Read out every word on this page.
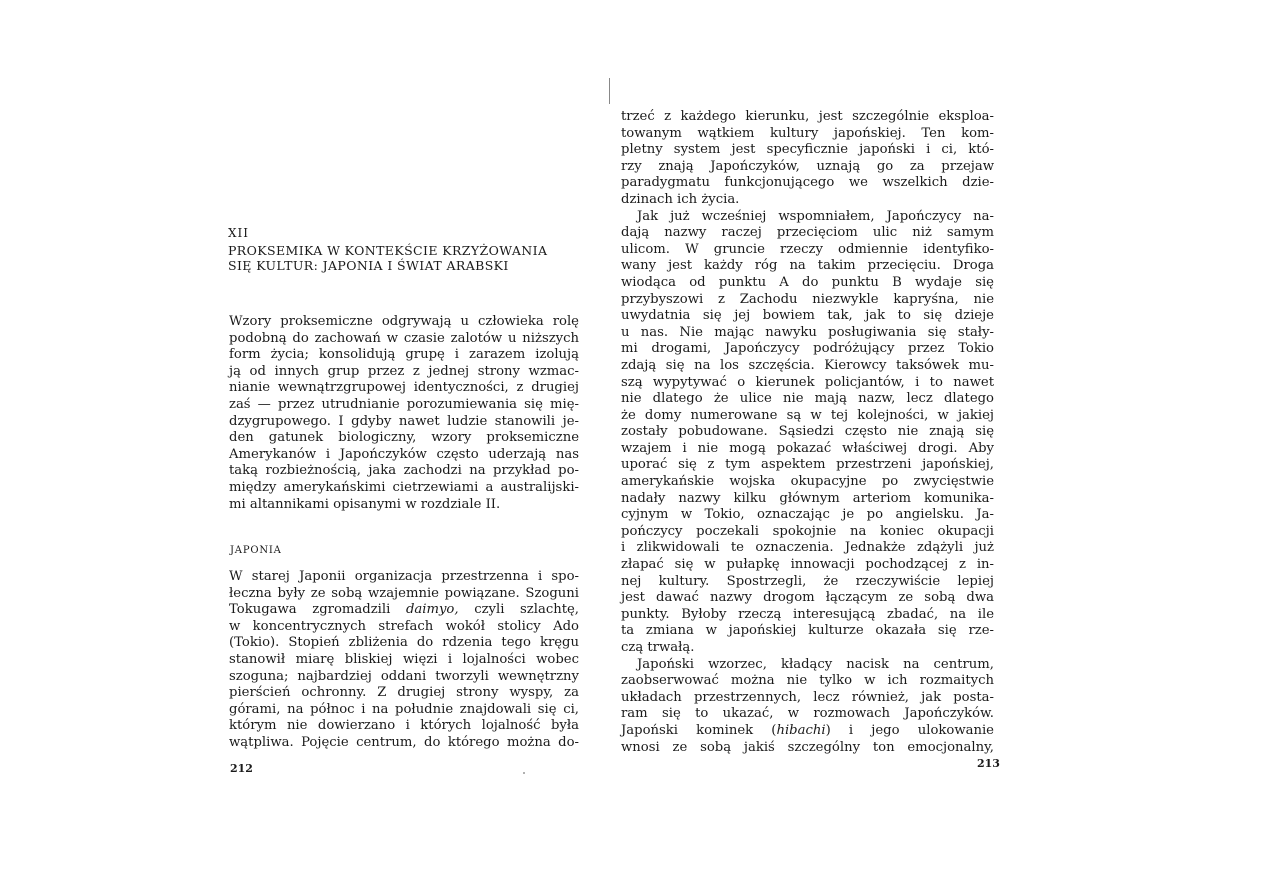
XII
PROKSEMIKA W KONTEKŚCIE KRZYŻOWANIA
SIĘ KULTUR: JAPONIA I ŚWIAT ARABSKI
Wzory proksemiczne odgrywają u człowieka rolę
podobną do zachowań w czasie zalotów u niższych
form życia; konsolidują grupę i zarazem izolują
ją od innych grup przez z jednej strony wzmac-
nianie wewnątrzgrupowej identyczności, z drugiej
zaś — przez utrudnianie porozumiewania się mię-
dzygrupowego. I gdyby nawet ludzie stanowili je-
den gatunek biologiczny, wzory proksemiczne
Amerykanów i Japończyków często uderzają nas
taką rozbieżnością, jaka zachodzi na przykład po-
między amerykańskimi cietrzewiami a australijski-
mi altannikami opisanymi w rozdziale II.
JAPONIA
W starej Japonii organizacja przestrzenna i spo-
łeczna były ze sobą wzajemnie powiązane. Szoguni
Tokugawa zgromadzili daimyo, czyli szlachtę,
w koncentrycznych strefach wokół stolicy Ado
(Tokio). Stopień zbliżenia do rdzenia tego kręgu
stanowił miarę bliskiej więzi i lojalności wobec
szoguna; najbardziej oddani tworzyli wewnętrzny
pierścień ochronny. Z drugiej strony wyspy, za
górami, na północ i na południe znajdowali się ci,
którym nie dowierzano i których lojalność była
wątpliwa. Pojęcie centrum, do którego można do-
212
trzeć z każdego kierunku, jest szczególnie eksploa-
towanym wątkiem kultury japońskiej. Ten kom-
pletny system jest specyficznie japoński i ci, któ-
rzy znają Japończyków, uznają go za przejaw
paradygmatu funkcjonującego we wszelkich dzie-
dzinach ich życia.
Jak już wcześniej wspomniałem, Japończycy na-
dają nazwy raczej przecięciom ulic niż samym
ulicom. W gruncie rzeczy odmiennie identyfiko-
wany jest każdy róg na takim przecięciu. Droga
wiodąca od punktu A do punktu B wydaje się
przybyszowi z Zachodu niezwykle kapryśna, nie
uwydatnia się jej bowiem tak, jak to się dzieje
u nas. Nie mając nawyku posługiwania się stały-
mi drogami, Japończycy podróżujący przez Tokio
zdają się na los szczęścia. Kierowcy taksówek mu-
szą wypytywać o kierunek policjantów, i to nawet
nie dlatego że ulice nie mają nazw, lecz dlatego
że domy numerowane są w tej kolejności, w jakiej
zostały pobudowane. Sąsiedzi często nie znają się
wzajem i nie mogą pokazać właściwej drogi. Aby
uporać się z tym aspektem przestrzeni japońskiej,
amerykańskie wojska okupacyjne po zwycięstwie
nadały nazwy kilku głównym arteriom komunika-
cyjnym w Tokio, oznaczając je po angielsku. Ja-
pończycy poczekali spokojnie na koniec okupacji
i zlikwidowali te oznaczenia. Jednakże zdążyli już
złapać się w pułapkę innowacji pochodzącej z in-
nej kultury. Spostrzegli, że rzeczywiście lepiej
jest dawać nazwy drogom łączącym ze sobą dwa
punkty. Byłoby rzeczą interesującą zbadać, na ile
ta zmiana w japońskiej kulturze okazała się rze-
czą trwałą.
Japoński wzorzec, kładący nacisk na centrum,
zaobserwować można nie tylko w ich rozmaitych
układach przestrzennych, lecz również, jak posta-
ram się to ukazać, w rozmowach Japończyków.
Japoński kominek (hibachi) i jego ulokowanie
wnosi ze sobą jakiś szczególny ton emocjonalny,
213
